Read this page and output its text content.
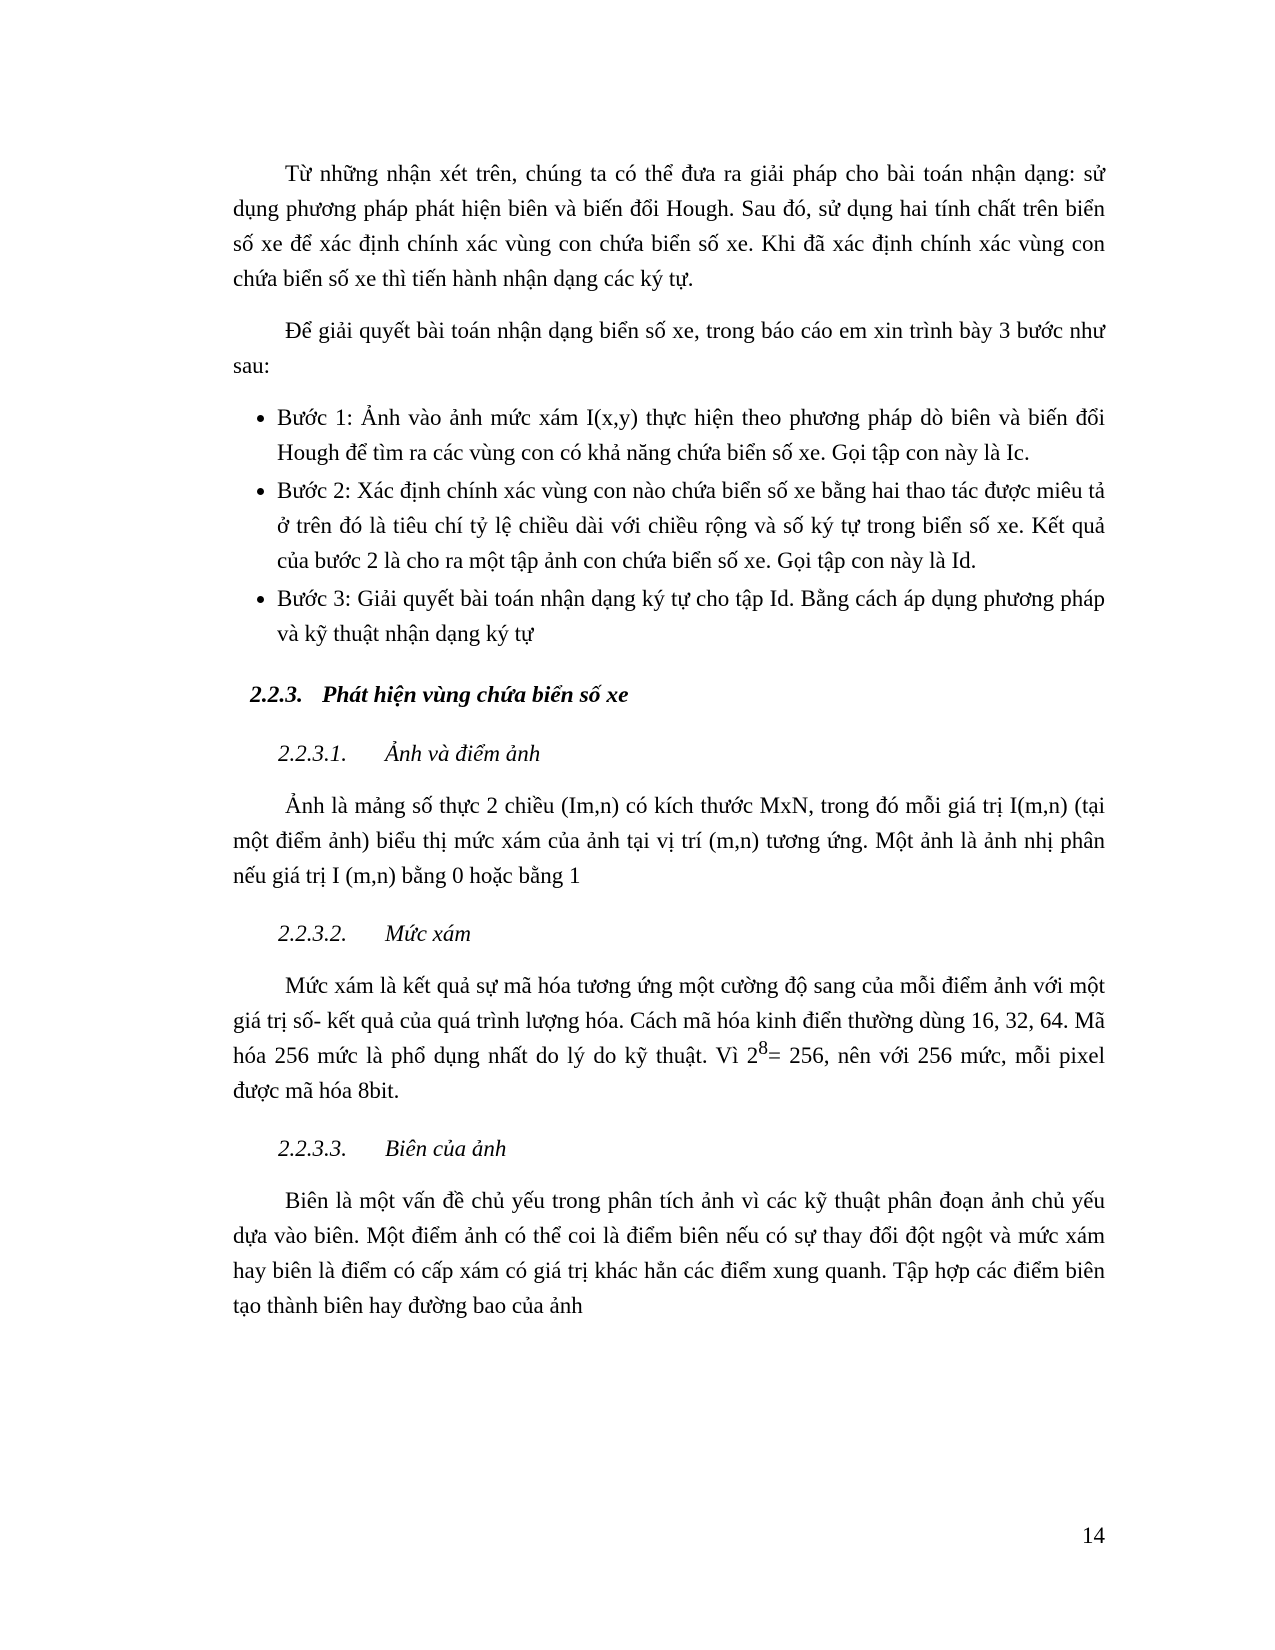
Từ những nhận xét trên, chúng ta có thể đưa ra giải pháp cho bài toán nhận dạng: sử dụng phương pháp phát hiện biên và biến đổi Hough. Sau đó, sử dụng hai tính chất trên biển số xe để xác định chính xác vùng con chứa biển số xe. Khi đã xác định chính xác vùng con chứa biển số xe thì tiến hành nhận dạng các ký tự.

Để giải quyết bài toán nhận dạng biển số xe, trong báo cáo em xin trình bày 3 bước như sau:

• Bước 1: Ảnh vào ảnh mức xám I(x,y) thực hiện theo phương pháp dò biên và biến đổi Hough để tìm ra các vùng con có khả năng chứa biển số xe. Gọi tập con này là Ic.
• Bước 2: Xác định chính xác vùng con nào chứa biển số xe bằng hai thao tác được miêu tả ở trên đó là tiêu chí tỷ lệ chiều dài với chiều rộng và số ký tự trong biển số xe. Kết quả của bước 2 là cho ra một tập ảnh con chứa biển số xe. Gọi tập con này là Id.
• Bước 3: Giải quyết bài toán nhận dạng ký tự cho tập Id. Bằng cách áp dụng phương pháp và kỹ thuật nhận dạng ký tự
2.2.3. Phát hiện vùng chứa biển số xe
2.2.3.1.	Ảnh và điểm ảnh

Ảnh là mảng số thực 2 chiều (Im,n) có kích thước MxN, trong đó mỗi giá trị I(m,n) (tại một điểm ảnh) biểu thị mức xám của ảnh tại vị trí (m,n) tương ứng. Một ảnh là ảnh nhị phân nếu giá trị I (m,n) bằng 0 hoặc bằng 1

2.2.3.2.	Mức xám

Mức xám là kết quả sự mã hóa tương ứng một cường độ sang của mỗi điểm ảnh với một giá trị số- kết quả của quá trình lượng hóa. Cách mã hóa kinh điển thường dùng 16, 32, 64. Mã hóa 256 mức là phổ dụng nhất do lý do kỹ thuật. Vì $2^8= 256$, nên với 256 mức, mỗi pixel được mã hóa 8bit.

2.2.3.3.	Biên của ảnh

Biên là một vấn đề chủ yếu trong phân tích ảnh vì các kỹ thuật phân đoạn ảnh chủ yếu dựa vào biên. Một điểm ảnh có thể coi là điểm biên nếu có sự thay đổi đột ngột và mức xám hay biên là điểm có cấp xám có giá trị khác hẳn các điểm xung quanh. Tập hợp các điểm biên tạo thành biên hay đường bao của ảnh

14
